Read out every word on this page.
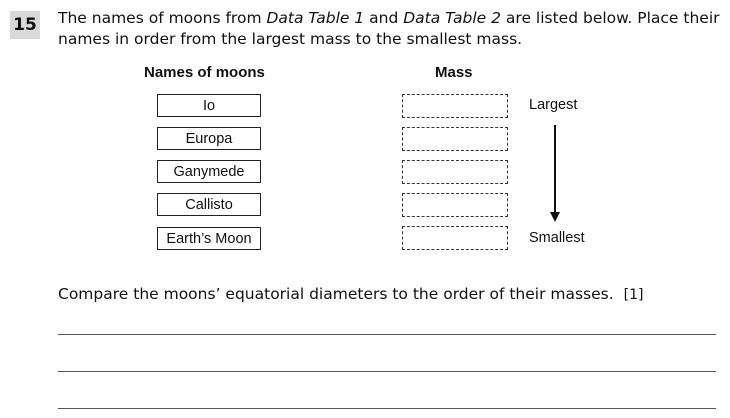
15 The names of moons from Data Table 1 and Data Table 2 are listed below. Place their names in order from the largest mass to the smallest mass.
Names of moons	Mass
Io
Europa
Ganymede
Callisto
Earth’s Moon
Largest
Smallest
Compare the moons’ equatorial diameters to the order of their masses. [1]
